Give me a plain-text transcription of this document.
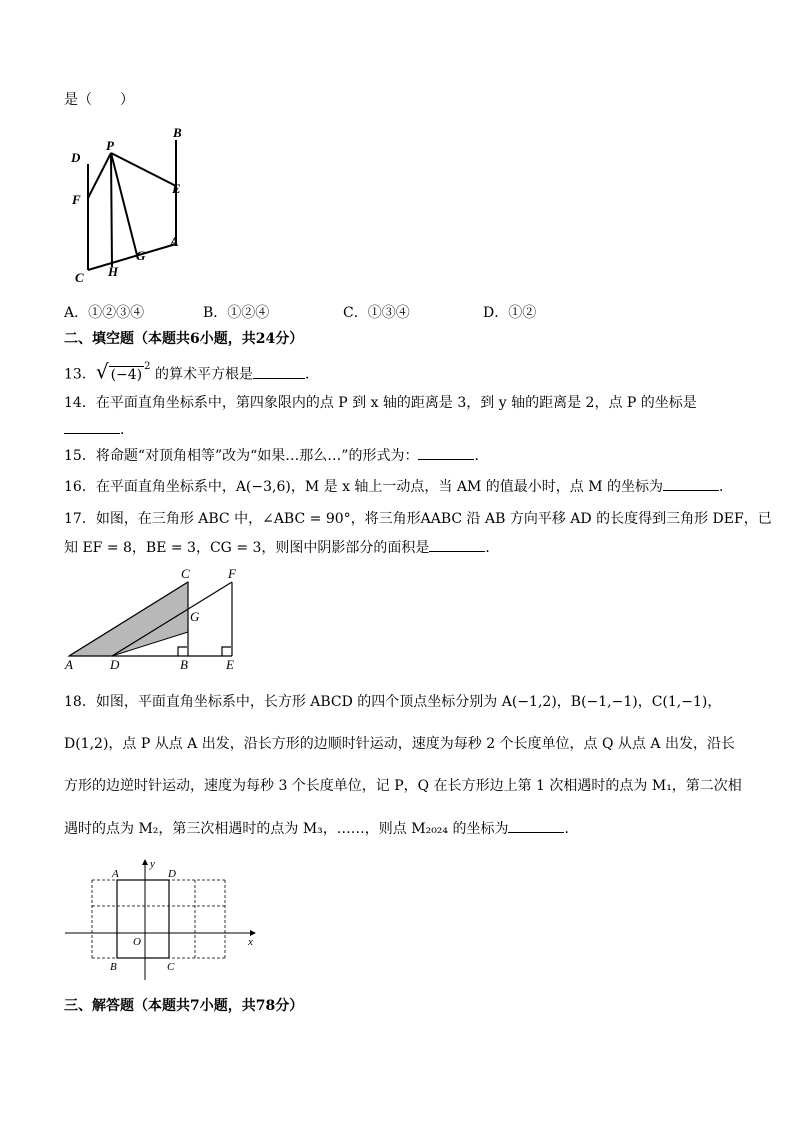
是（　　）
D
P
B
F
E
A
C H
G
A．①②③④	B．①②④	C．①③④	D．①②
二、填空题（本题共6小题，共24分）
13．√ $(-4)^2$ 的算术平方根是	．
14．在平面直角坐标系中，第四象限内的点 P 到 x 轴的距离是 3，到 y 轴的距离是 2，点 P 的坐标是
．
15．将命题“对顶角相等”改为“如果…那么…”的形式为：	．
16．在平面直角坐标系中，A(−3,6)，M 是 x 轴上一动点，当 AM 的值最小时，点 M 的坐标为	．
17．如图，在三角形 ABC 中，∠ABC = 90°，将三角形AABC 沿 AB 方向平移 AD 的长度得到三角形 DEF，已
知 EF = 8，BE = 3，CG = 3，则图中阴影部分的面积是	．
C	F
G
A	D	B	E
18．如图，平面直角坐标系中，长方形 ABCD 的四个顶点坐标分别为 A(−1,2)，B(−1,−1)，C(1,−1)，
D(1,2)，点 P 从点 A 出发，沿长方形的边顺时针运动，速度为每秒 2 个长度单位，点 Q 从点 A 出发，沿长
方形的边逆时针运动，速度为每秒 3 个长度单位，记 P，Q 在长方形边上第 1 次相遇时的点为 M₁，第二次相
遇时的点为 M₂，第三次相遇时的点为 M₃，……，则点 M₂₀₂₄ 的坐标为	．
y
A	D
O	x
B	C
三、解答题（本题共7小题，共78分）
